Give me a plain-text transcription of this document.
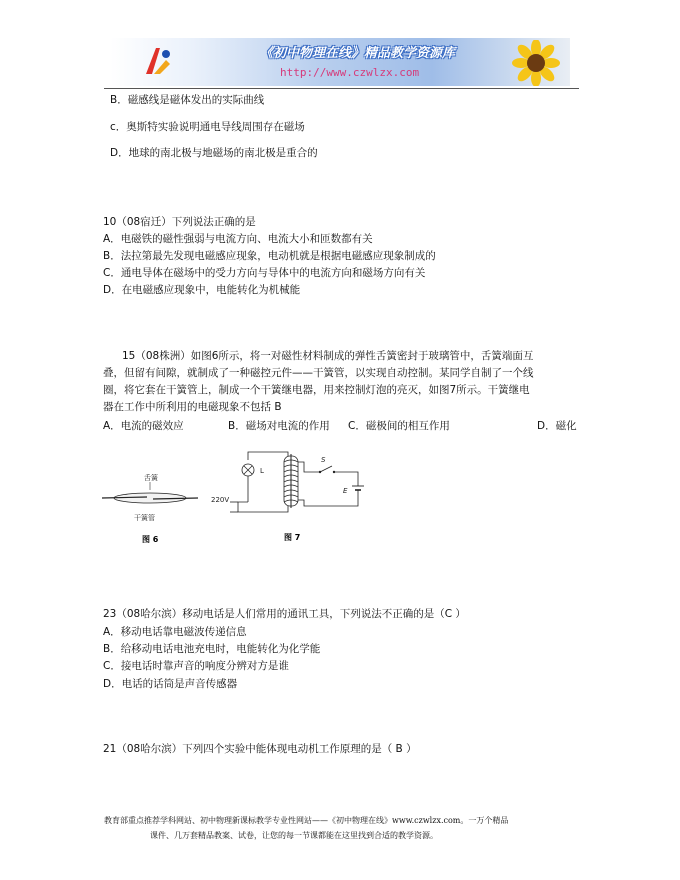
《初中物理在线》精品教学资源库
http://www.czwlzx.com
B．磁感线是磁体发出的实际曲线
c．奥斯特实验说明通电导线周围存在磁场
D．地球的南北极与地磁场的南北极是重合的
10（08宿迁）下列说法正确的是
A．电磁铁的磁性强弱与电流方向、电流大小和匝数都有关
B．法拉第最先发现电磁感应现象，电动机就是根据电磁感应现象制成的
C．通电导体在磁场中的受力方向与导体中的电流方向和磁场方向有关
D．在电磁感应现象中，电能转化为机械能
15（08株洲）如图6所示，将一对磁性材料制成的弹性舌簧密封于玻璃管中，舌簧端面互
叠，但留有间隙，就制成了一种磁控元件——干簧管，以实现自动控制。某同学自制了一个线
圈，将它套在干簧管上，制成一个干簧继电器，用来控制灯泡的亮灭，如图7所示。干簧继电
器在工作中所利用的电磁现象不包括 B
A．电流的磁效应	B．磁场对电流的作用 C．磁极间的相互作用	D．磁化
舌簧
干簧管
图 6
L
220V
S
E
图 7
23（08哈尔滨）移动电话是人们常用的通讯工具，下列说法不正确的是（C ）
A．移动电话靠电磁波传递信息
B．给移动电话电池充电时，电能转化为化学能
C．接电话时靠声音的响度分辨对方是谁
D．电话的话筒是声音传感器
21（08哈尔滨）下列四个实验中能体现电动机工作原理的是（ B ）
教育部重点推荐学科网站、初中物理新课标教学专业性网站——《初中物理在线》www.czwlzx.com。一万个精品
课件、几万套精品教案、试卷，让您的每一节课都能在这里找到合适的教学资源。
